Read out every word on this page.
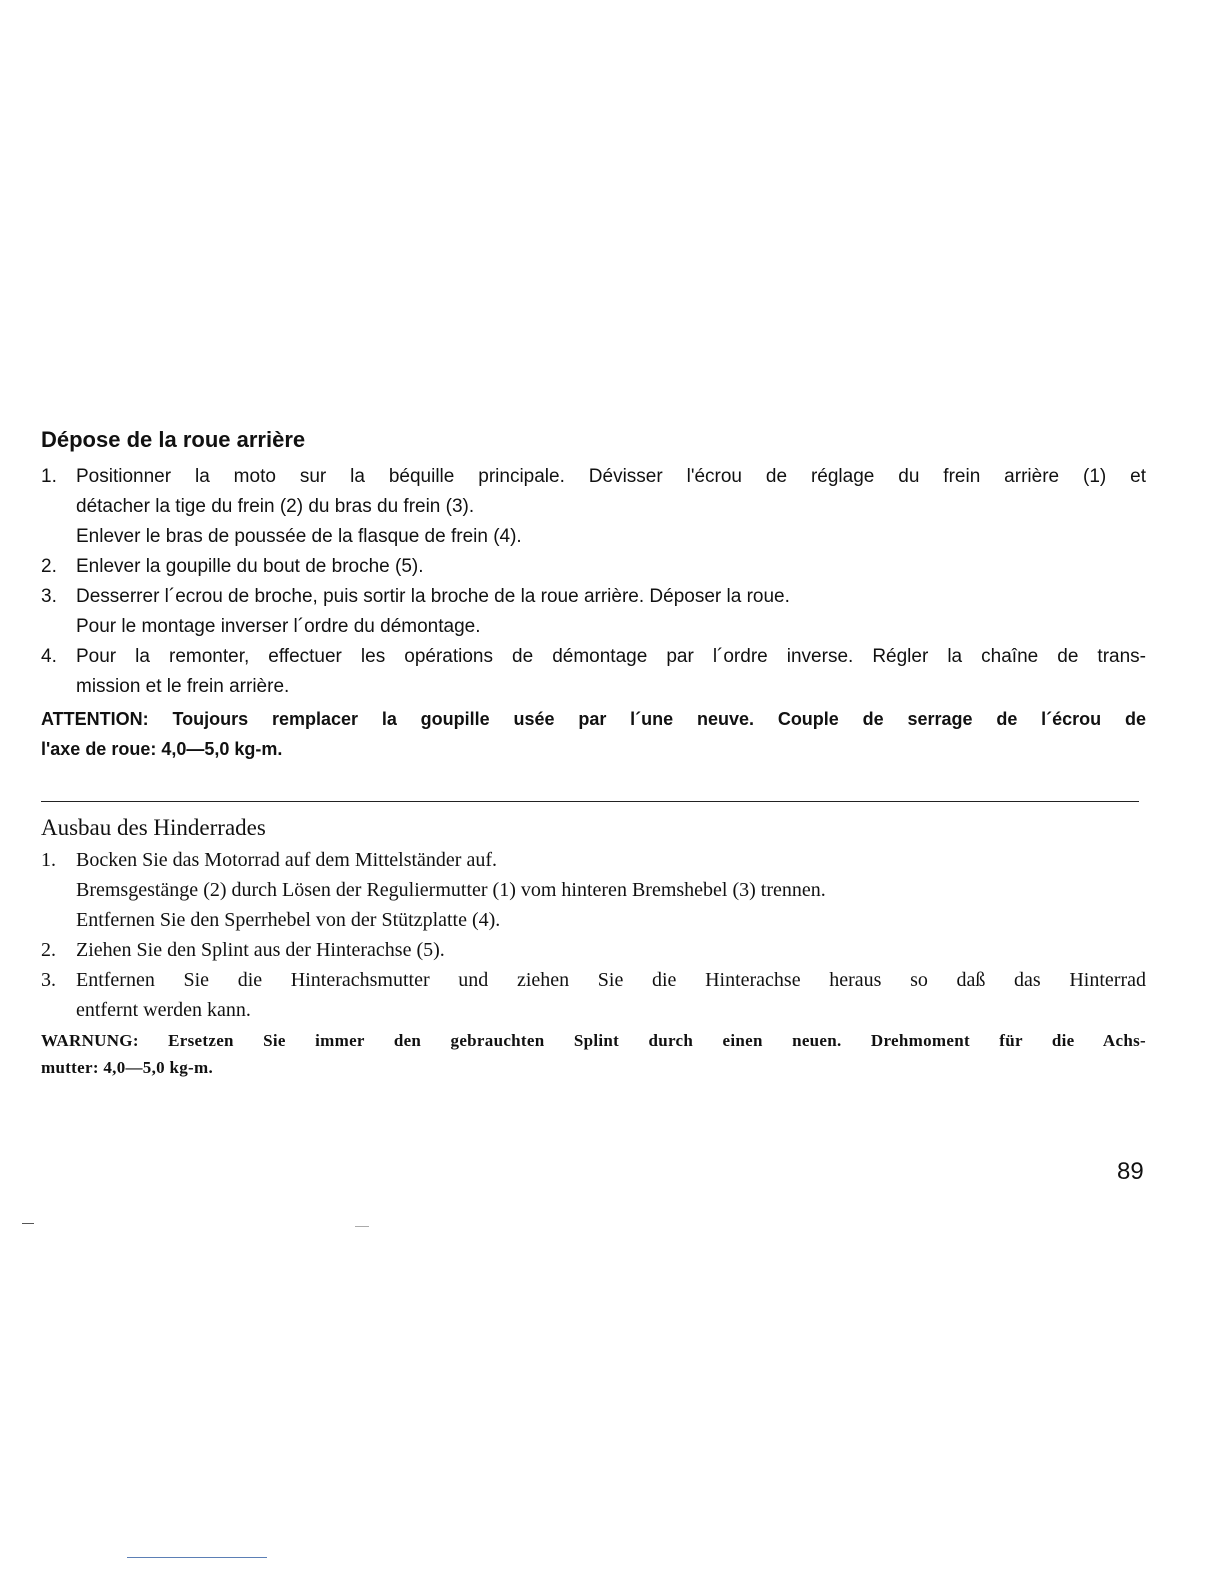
Dépose de la roue arrière
1. Positionner la moto sur la béquille principale. Dévisser l'écrou de réglage du frein arrière (1) et
détacher la tige du frein (2) du bras du frein (3).
Enlever le bras de poussée de la flasque de frein (4).
2. Enlever la goupille du bout de broche (5).
3. Desserrer l´ecrou de broche, puis sortir la broche de la roue arrière. Déposer la roue.
Pour le montage inverser l´ordre du démontage.
4. Pour la remonter, effectuer les opérations de démontage par l´ordre inverse. Régler la chaîne de trans-
mission et le frein arrière.
ATTENTION: Toujours remplacer la goupille usée par l´une neuve. Couple de serrage de l´écrou de
l'axe de roue: 4,0—5,0 kg-m.
Ausbau des Hinderrades
1. Bocken Sie das Motorrad auf dem Mittelständer auf.
Bremsgestänge (2) durch Lösen der Reguliermutter (1) vom hinteren Bremshebel (3) trennen.
Entfernen Sie den Sperrhebel von der Stützplatte (4).
2. Ziehen Sie den Splint aus der Hinterachse (5).
3. Entfernen Sie die Hinterachsmutter und ziehen Sie die Hinterachse heraus so daß das Hinterrad
entfernt werden kann.
WARNUNG: Ersetzen Sie immer den gebrauchten Splint durch einen neuen. Drehmoment für die Achs-
mutter: 4,0—5,0 kg-m.
89
